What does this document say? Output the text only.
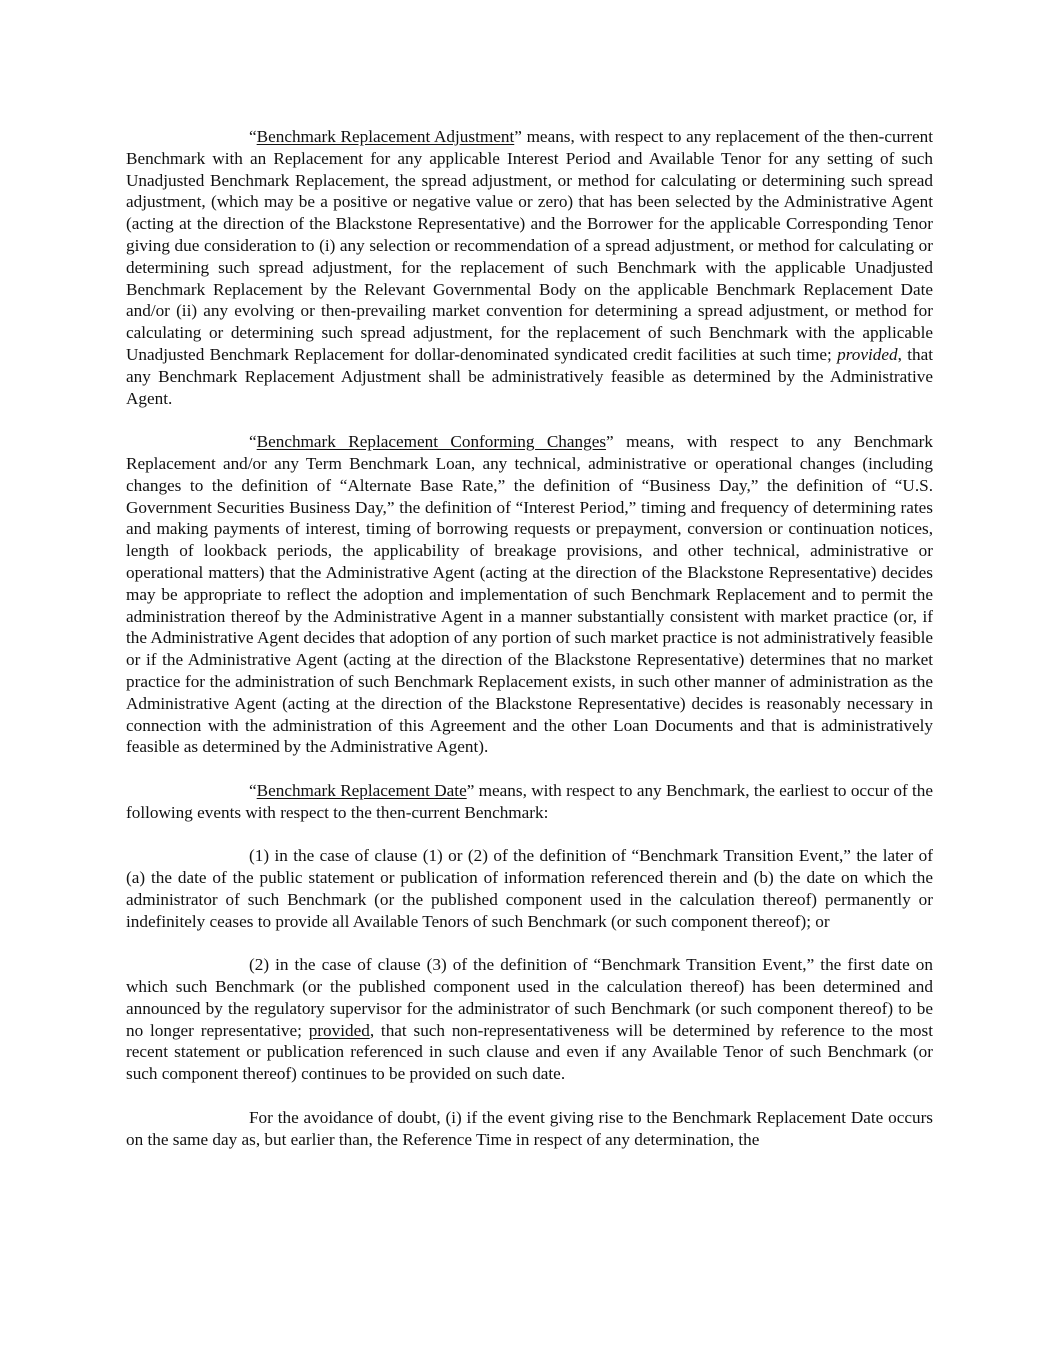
“Benchmark Replacement Adjustment” means, with respect to any replacement of the then-current Benchmark with an Replacement for any applicable Interest Period and Available Tenor for any setting of such Unadjusted Benchmark Replacement, the spread adjustment, or method for calculating or determining such spread adjustment, (which may be a positive or negative value or zero) that has been selected by the Administrative Agent (acting at the direction of the Blackstone Representative) and the Borrower for the applicable Corresponding Tenor giving due consideration to (i) any selection or recommendation of a spread adjustment, or method for calculating or determining such spread adjustment, for the replacement of such Benchmark with the applicable Unadjusted Benchmark Replacement by the Relevant Governmental Body on the applicable Benchmark Replacement Date and/or (ii) any evolving or then-prevailing market convention for determining a spread adjustment, or method for calculating or determining such spread adjustment, for the replacement of such Benchmark with the applicable Unadjusted Benchmark Replacement for dollar-denominated syndicated credit facilities at such time; provided, that any Benchmark Replacement Adjustment shall be administratively feasible as determined by the Administrative Agent.

“Benchmark Replacement Conforming Changes” means, with respect to any Benchmark Replacement and/or any Term Benchmark Loan, any technical, administrative or operational changes (including changes to the definition of “Alternate Base Rate,” the definition of “Business Day,” the definition of “U.S. Government Securities Business Day,” the definition of “Interest Period,” timing and frequency of determining rates and making payments of interest, timing of borrowing requests or prepayment, conversion or continuation notices, length of lookback periods, the applicability of breakage provisions, and other technical, administrative or operational matters) that the Administrative Agent (acting at the direction of the Blackstone Representative) decides may be appropriate to reflect the adoption and implementation of such Benchmark Replacement and to permit the administration thereof by the Administrative Agent in a manner substantially consistent with market practice (or, if the Administrative Agent decides that adoption of any portion of such market practice is not administratively feasible or if the Administrative Agent (acting at the direction of the Blackstone Representative) determines that no market practice for the administration of such Benchmark Replacement exists, in such other manner of administration as the Administrative Agent (acting at the direction of the Blackstone Representative) decides is reasonably necessary in connection with the administration of this Agreement and the other Loan Documents and that is administratively feasible as determined by the Administrative Agent).

“Benchmark Replacement Date” means, with respect to any Benchmark, the earliest to occur of the following events with respect to the then-current Benchmark:

(1) in the case of clause (1) or (2) of the definition of “Benchmark Transition Event,” the later of (a) the date of the public statement or publication of information referenced therein and (b) the date on which the administrator of such Benchmark (or the published component used in the calculation thereof) permanently or indefinitely ceases to provide all Available Tenors of such Benchmark (or such component thereof); or

(2) in the case of clause (3) of the definition of “Benchmark Transition Event,” the first date on which such Benchmark (or the published component used in the calculation thereof) has been determined and announced by the regulatory supervisor for the administrator of such Benchmark (or such component thereof) to be no longer representative; provided, that such non-representativeness will be determined by reference to the most recent statement or publication referenced in such clause and even if any Available Tenor of such Benchmark (or such component thereof) continues to be provided on such date.

For the avoidance of doubt, (i) if the event giving rise to the Benchmark Replacement Date occurs on the same day as, but earlier than, the Reference Time in respect of any determination, the
